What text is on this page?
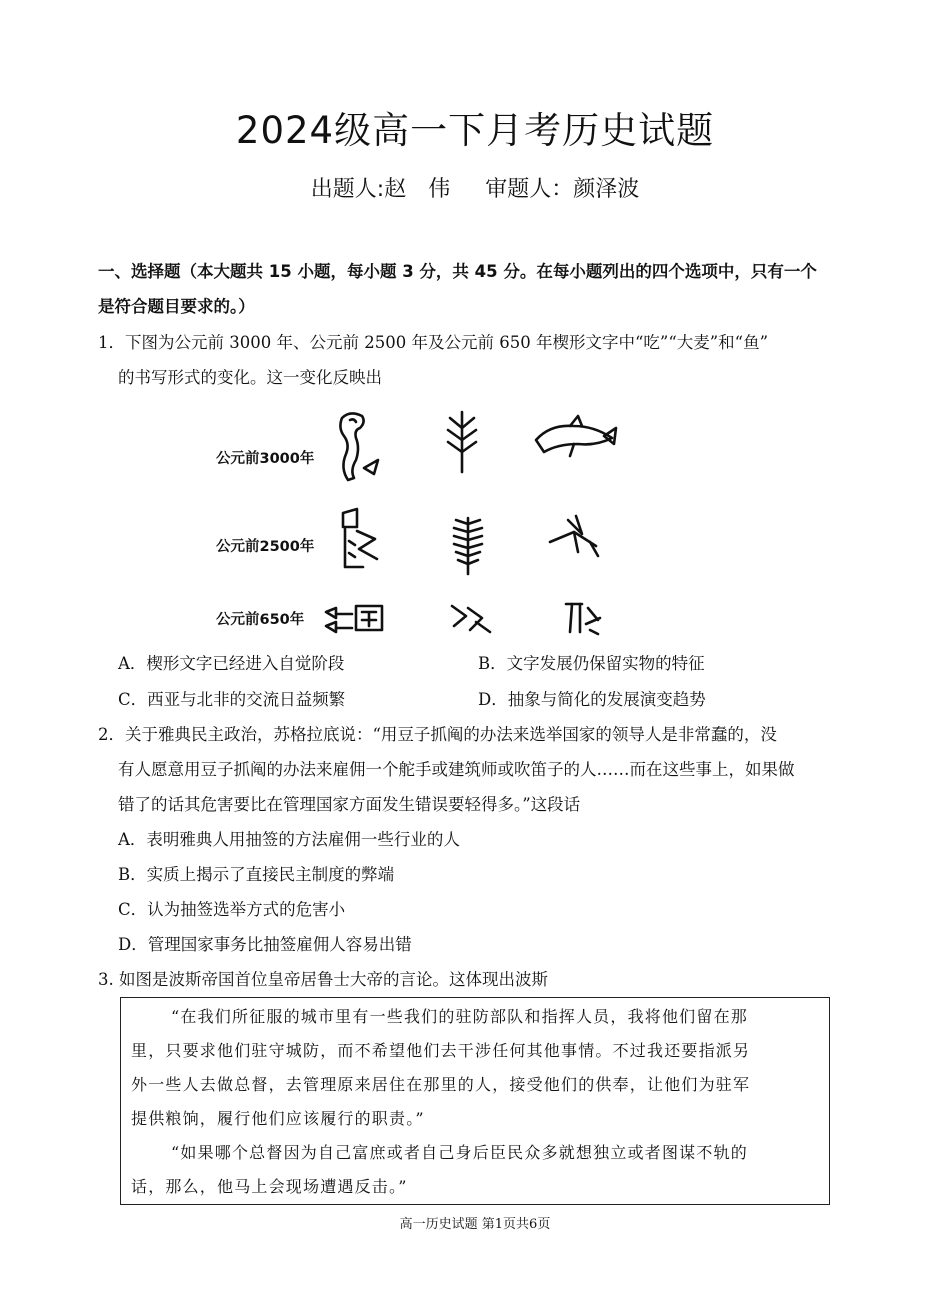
2024级高一下月考历史试题
出题人:赵　伟 审题人：颜泽波
一、选择题（本大题共 15 小题，每小题 3 分，共 45 分。在每小题列出的四个选项中，只有一个
是符合题目要求的。）
1．下图为公元前 3000 年、公元前 2500 年及公元前 650 年楔形文字中“吃”“大麦”和“鱼”
的书写形式的变化。这一变化反映出
公元前3000年
公元前2500年
公元前650年
A．楔形文字已经进入自觉阶段	B．文字发展仍保留实物的特征
C．西亚与北非的交流日益频繁	D．抽象与简化的发展演变趋势
2．关于雅典民主政治，苏格拉底说：“用豆子抓阄的办法来选举国家的领导人是非常蠢的，没
有人愿意用豆子抓阄的办法来雇佣一个舵手或建筑师或吹笛子的人……而在这些事上，如果做
错了的话其危害要比在管理国家方面发生错误要轻得多。”这段话
A．表明雅典人用抽签的方法雇佣一些行业的人
B．实质上揭示了直接民主制度的弊端
C．认为抽签选举方式的危害小
D．管理国家事务比抽签雇佣人容易出错
3. 如图是波斯帝国首位皇帝居鲁士大帝的言论。这体现出波斯
“在我们所征服的城市里有一些我们的驻防部队和指挥人员，我将他们留在那
里，只要求他们驻守城防，而不希望他们去干涉任何其他事情。不过我还要指派另
外一些人去做总督，去管理原来居住在那里的人，接受他们的供奉，让他们为驻军
提供粮饷，履行他们应该履行的职责。”
“如果哪个总督因为自己富庶或者自己身后臣民众多就想独立或者图谋不轨的
话，那么，他马上会现场遭遇反击。”
高一历史试题 第1页共6页
